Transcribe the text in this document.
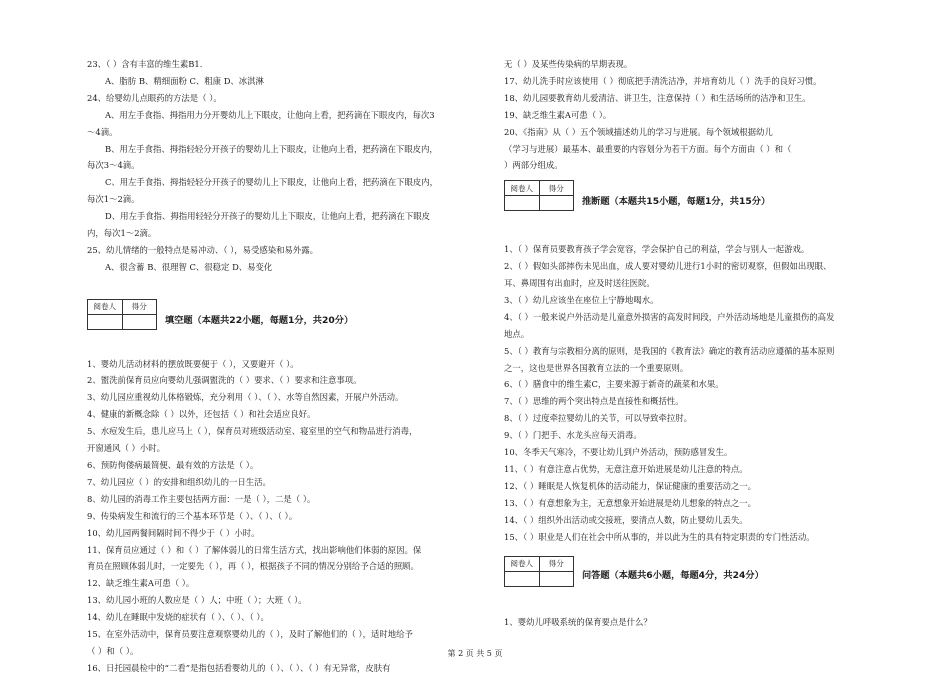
23、（ ）含有丰富的维生素B1.
A、脂肪 B、精细面粉 C、粗康 D、冰淇淋
24、给婴幼儿点眼药的方法是（ ）。
A、用左手食指、拇指用力分开婴幼儿上下眼皮，让他向上看，把药滴在下眼皮内，每次3
～4滴。
B、用左手食指、拇指轻轻分开孩子的婴幼儿上下眼皮，让他向上看，把药滴在下眼皮内，
每次3～4滴。
C、用左手食指、拇指轻轻分开孩子的婴幼儿上下眼皮，让他向上看，把药滴在下眼皮内，
每次1～2滴。
D、用左手食指、拇指用轻轻分开孩子的婴幼儿上下眼皮，让他向上看，把药滴在下眼皮
内，每次1～2滴。
25、幼儿情绪的一般特点是易冲动、（ ），易受感染和易外露。
A、很含蓄 B、很理智 C、很稳定 D、易变化
阅卷人	得分

填空题（本题共22小题，每题1分，共20分）
1、婴幼儿活动材料的摆放既要便于（ ），又要避开（ ）。
2、盥洗前保育员应向婴幼儿强调盥洗的（ ）要求、（ ）要求和注意事项。
3、幼儿园应重视幼儿体格锻炼，充分利用（ ）、（ ）、水等自然因素，开展户外活动。
4、健康的新概念除（ ）以外，还包括（ ）和社会适应良好。
5、水痘发生后，患儿应马上（ ），保育员对班级活动室、寝室里的空气和物品进行消毒，
开窗通风（ ）小时。
6、预防佝偻病最简便、最有效的方法是（ ）。
7、幼儿园应（ ）的安排和组织幼儿的一日生活。
8、幼儿园的消毒工作主要包括两方面：一是（ ），二是（ ）。
9、传染病发生和流行的三个基本环节是（ ）、（ ）、（ ）。
10、幼儿园两餐间隔时间不得少于（ ）小时。
11、保育员应通过（ ）和（ ）了解体弱儿的日常生活方式，找出影响他们体弱的原因。保
育员在照顾体弱儿时，一定要先（ ），再（ ），根据孩子不同的情况分别给予合适的照顾。
12、缺乏维生素A可患（ ）。
13、幼儿园小班的人数应是（ ）人；中班（ ）；大班（ ）。
14、幼儿在睡眠中发烧的症状有（ ）、（ ）、（ ）。
15、在室外活动中，保育员要注意观察婴幼儿的（ ），及时了解他们的（ ），适时地给予
（ ）和（ ）。
16、日托园晨检中的“二看”是指包括看婴幼儿的（ ）、（ ）、（ ）有无异常，皮肤有
无（ ）及某些传染病的早期表现。
17、幼儿洗手时应该使用（ ）彻底把手清洗洁净，并培育幼儿（ ）洗手的良好习惯。
18、幼儿园要教育幼儿爱清洁、讲卫生，注意保持（ ）和生活场所的洁净和卫生。
19、缺乏维生素A可患（ ）。
20、《指南》从（ ）五个领域描述幼儿的学习与进展。每个领域根据幼儿
（学习与进展）最基本、最重要的内容划分为若干方面。每个方面由（ ）和（
）两部分组成。
阅卷人	得分

推断题（本题共15小题，每题1分，共15分）
1、（ ）保育员要教育孩子学会宽容，学会保护自己的利益，学会与别人一起游戏。
2、（ ）假如头部摔伤未见出血，成人要对婴幼儿进行1小时的密切观察，但假如出现眼、
耳、鼻周围有出血时，应及时送往医院。
3、（ ）幼儿应该坐在座位上宁静地喝水。
4、（ ）一般来说户外活动是儿童意外损害的高发时间段，户外活动场地是儿童损伤的高发
地点。
5、（ ）教育与宗教相分离的原则，是我国的《教育法》确定的教育活动应遵循的基本原则
之一，这也是世界各国教育立法的一个重要原则。
6、（ ）膳食中的维生素C，主要来源于新奇的蔬菜和水果。
7、（ ）思维的两个突出特点是直接性和概括性。
8、（ ）过度牵拉婴幼儿的关节，可以导致牵拉肘。
9、（ ）门把手、水龙头应每天消毒。
10、冬季天气寒冷，不要让幼儿到户外活动，预防感冒发生。
11、（ ）有意注意占优势，无意注意开始进展是幼儿注意的特点。
12、（ ）睡眠是人恢复机体的活动能力，保证健康的重要活动之一。
13、（ ）有意想象为主，无意想象开始进展是幼儿想象的特点之一。
14、（ ）组织外出活动或交接班，要清点人数，防止婴幼儿丢失。
15、（ ）职业是人们在社会中所从事的，并以此为生的具有特定职责的专门性活动。
阅卷人	得分

问答题（本题共6小题，每题4分，共24分）
1、婴幼儿呼吸系统的保育要点是什么？
第 2 页 共 5 页
